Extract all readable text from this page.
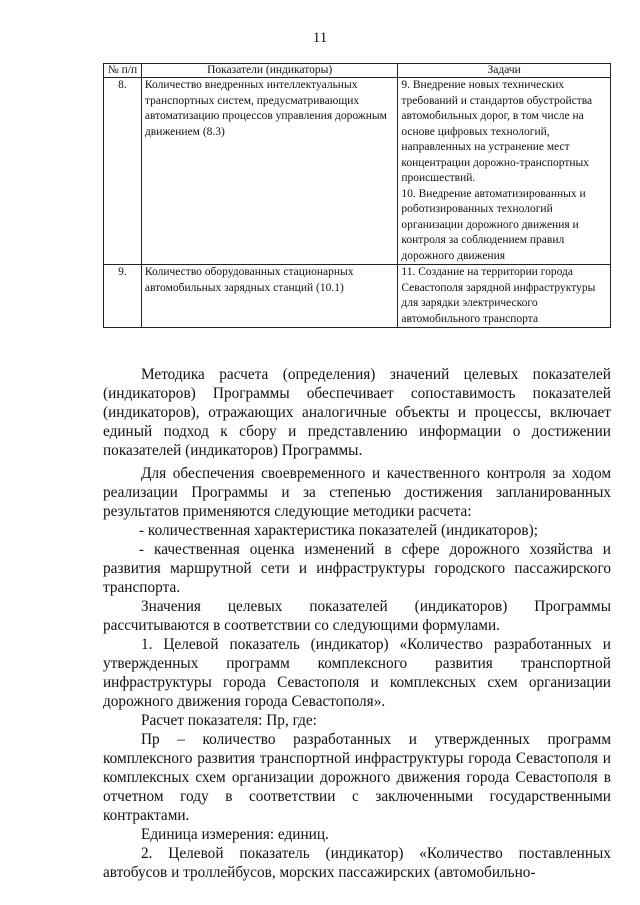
11
№ п/п	Показатели (индикаторы)	Задачи
8.	Количество внедренных интеллектуальных транспортных систем, предусматривающих автоматизацию процессов управления дорожным движением (8.3)	9. Внедрение новых технических требований и стандартов обустройства автомобильных дорог, в том числе на основе цифровых технологий, направленных на устранение мест концентрации дорожно-транспортных происшествий.
10. Внедрение автоматизированных и роботизированных технологий организации дорожного движения и контроля за соблюдением правил дорожного движения

9.	Количество оборудованных стационарных автомобильных зарядных станций (10.1)	11. Создание на территории города Севастополя зарядной инфраструктуры для зарядки электрического автомобильного транспорта

Методика расчета (определения) значений целевых показателей (индикаторов) Программы обеспечивает сопоставимость показателей (индикаторов), отражающих аналогичные объекты и процессы, включает единый подход к сбору и представлению информации о достижении показателей (индикаторов) Программы.

Для обеспечения своевременного и качественного контроля за ходом реализации Программы и за степенью достижения запланированных результатов применяются следующие методики расчета:

- количественная характеристика показателей (индикаторов);

- качественная оценка изменений в сфере дорожного хозяйства и развития маршрутной сети и инфраструктуры городского пассажирского транспорта.

Значения целевых показателей (индикаторов) Программы рассчитываются в соответствии со следующими формулами.

1. Целевой показатель (индикатор) «Количество разработанных и утвержденных программ комплексного развития транспортной инфраструктуры города Севастополя и комплексных схем организации дорожного движения города Севастополя».

Расчет показателя: Пр, где:

Пр – количество разработанных и утвержденных программ комплексного развития транспортной инфраструктуры города Севастополя и комплексных схем организации дорожного движения города Севастополя в отчетном году в соответствии с заключенными государственными контрактами.

Единица измерения: единиц.

2. Целевой показатель (индикатор) «Количество поставленных автобусов и троллейбусов, морских пассажирских (автомобильно-
